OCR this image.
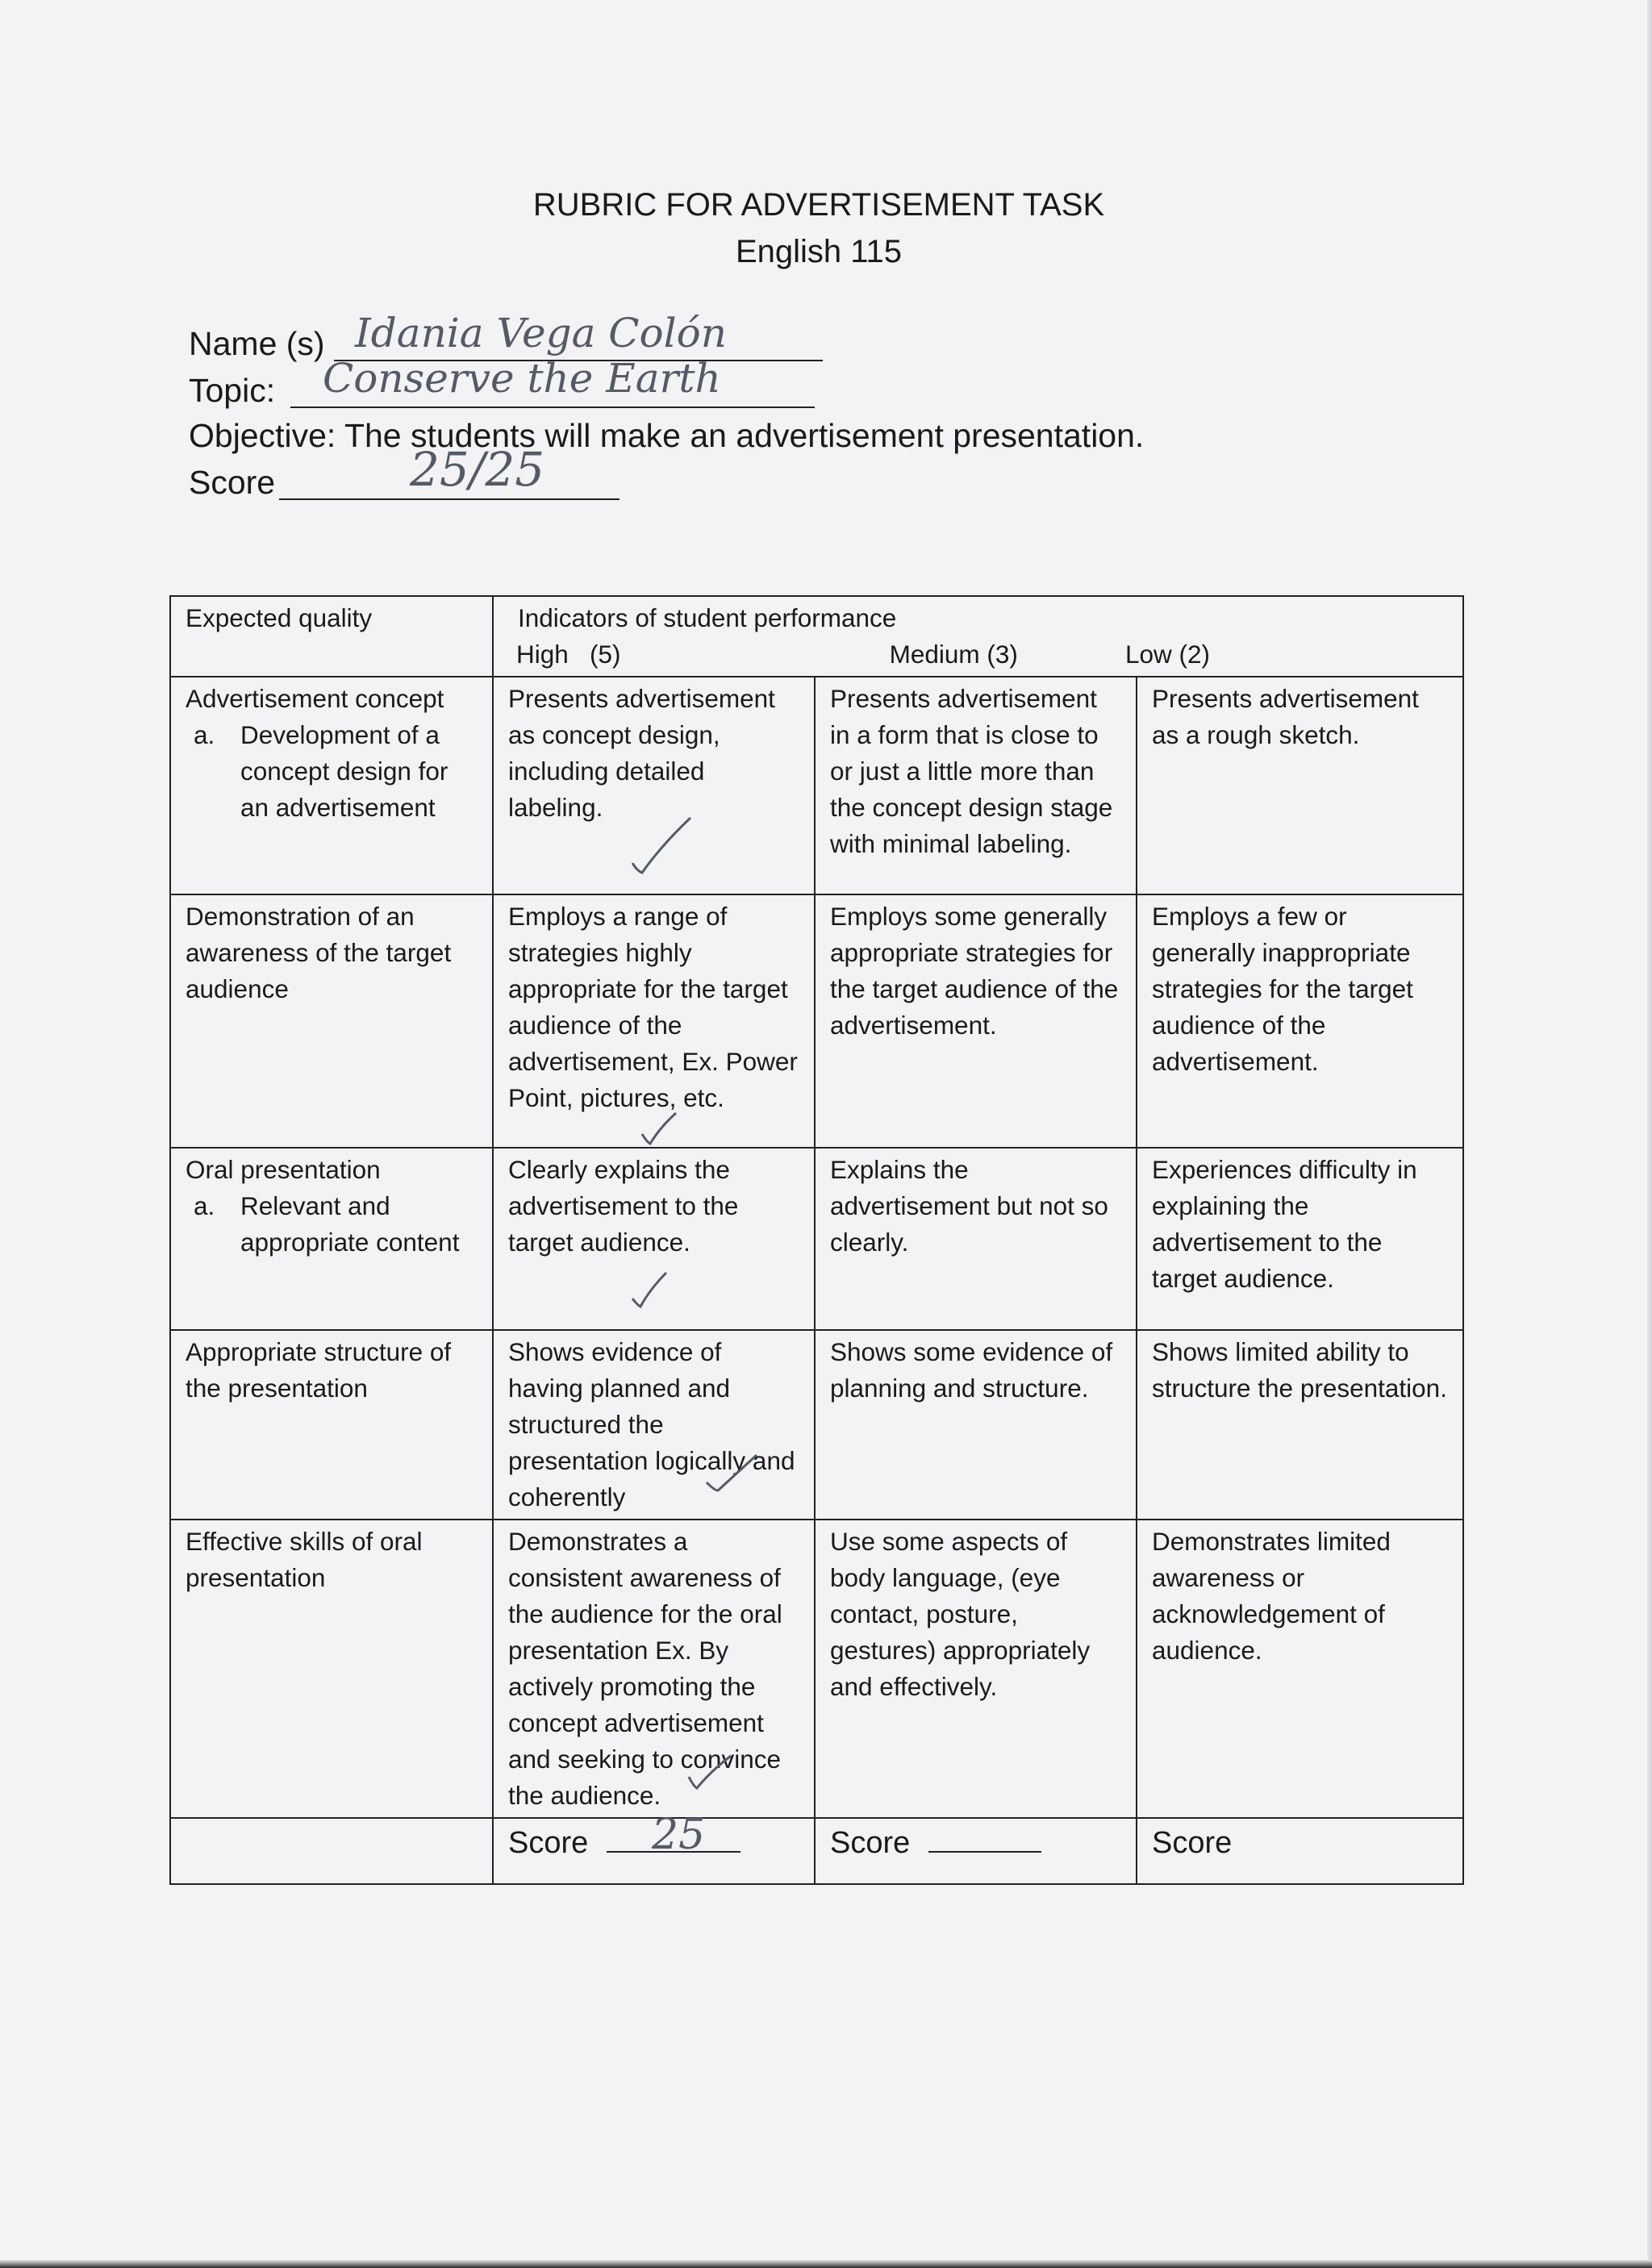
RUBRIC FOR ADVERTISEMENT TASK
English 115
Name (s) Idania Vega Colón
Topic: Conserve the Earth
Objective: The students will make an advertisement presentation.
Score	25/25
Expected quality	Indicators of student performance
High   (5) Medium (3) Low (2)		

Advertisement concept
a. Development of a concept design for an advertisement	Presents advertisement as concept design, including detailed labeling.	Presents advertisement in a form that is close to or just a little more than the concept design stage with minimal labeling.	Presents advertisement as a rough sketch.
Demonstration of an awareness of the target audience	Employs a range of strategies highly appropriate for the target audience of the advertisement, Ex. Power Point, pictures, etc.	Employs some generally appropriate strategies for the target audience of the advertisement.	Employs a few or generally inappropriate strategies for the target audience of the advertisement.

Oral presentation
a. Relevant and appropriate content	Clearly explains the advertisement to the target audience.	Explains the advertisement but not so clearly.	Experiences difficulty in explaining the advertisement to the target audience.
Appropriate structure of the presentation	Shows evidence of having planned and structured the presentation logically and coherently	Shows some evidence of planning and structure.	Shows limited ability to structure the presentation.
Effective skills of oral presentation	Demonstrates a consistent awareness of the audience for the oral presentation Ex. By actively promoting the concept advertisement and seeking to convince the audience.	Use some aspects of body language, (eye contact, posture, gestures) appropriately and effectively.	Demonstrates limited awareness or acknowledgement of audience.
	Score 25	Score	Score
